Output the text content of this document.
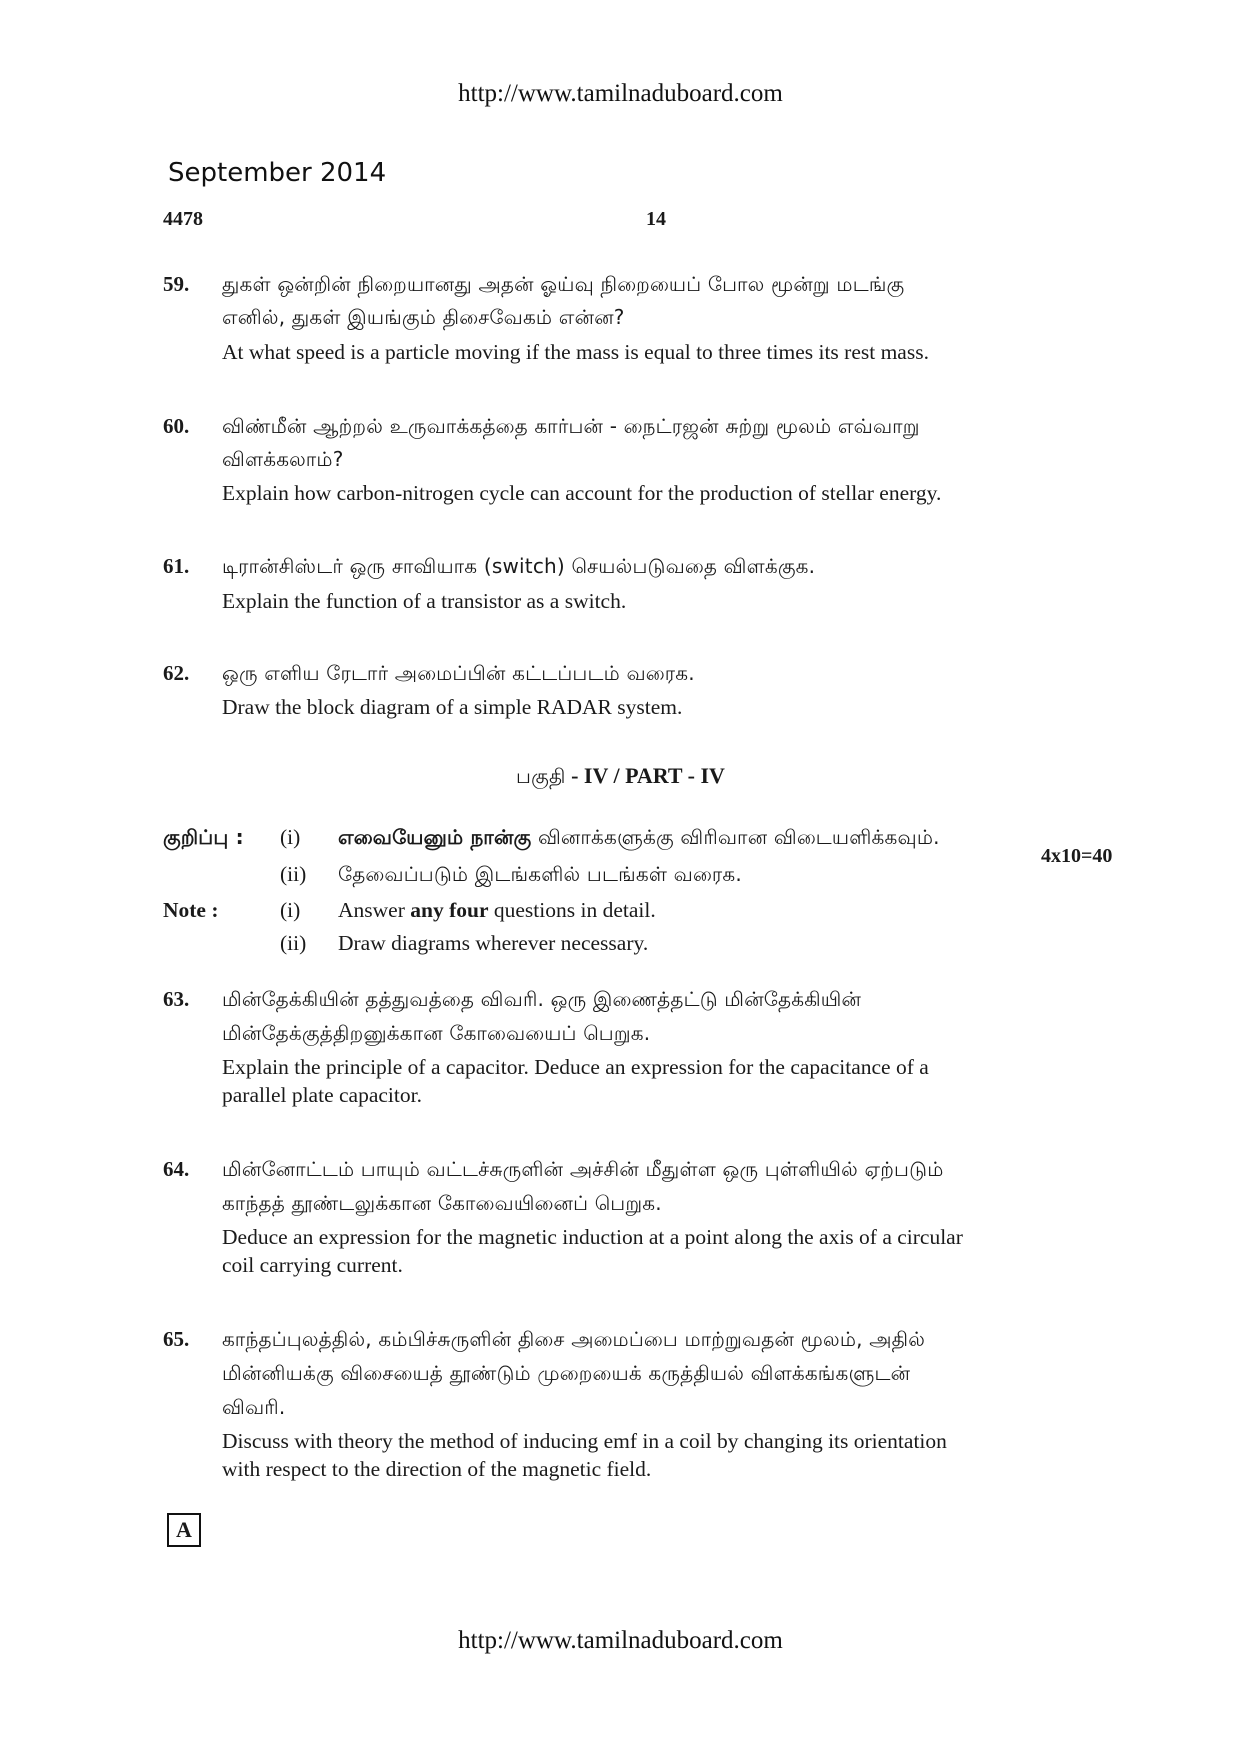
http://www.tamilnaduboard.com
September 2014
4478	14
59. துகள் ஒன்றின் நிறையானது அதன் ஓய்வு நிறையைப் போல மூன்று மடங்கு
எனில், துகள் இயங்கும் திசைவேகம் என்ன?
At what speed is a particle moving if the mass is equal to three times its rest mass.
60. விண்மீன் ஆற்றல் உருவாக்கத்தை கார்பன் - நைட்ரஜன் சுற்று மூலம் எவ்வாறு
விளக்கலாம்?
Explain how carbon-nitrogen cycle can account for the production of stellar energy.
61. டிரான்சிஸ்டர் ஒரு சாவியாக (switch) செயல்படுவதை விளக்குக.
Explain the function of a transistor as a switch.
62. ஒரு எளிய ரேடார் அமைப்பின் கட்டப்படம் வரைக.
Draw the block diagram of a simple RADAR system.
பகுதி - IV / PART - IV
குறிப்பு : (i) எவையேனும் நான்கு வினாக்களுக்கு விரிவான விடையளிக்கவும்.
4x10=40
(ii) தேவைப்படும் இடங்களில் படங்கள் வரைக.
Note :	(i) Answer any four questions in detail.
(ii) Draw diagrams wherever necessary.
63. மின்தேக்கியின் தத்துவத்தை விவரி. ஒரு இணைத்தட்டு மின்தேக்கியின்
மின்தேக்குத்திறனுக்கான கோவையைப் பெறுக.
Explain the principle of a capacitor. Deduce an expression for the capacitance of a
parallel plate capacitor.
64. மின்னோட்டம் பாயும் வட்டச்சுருளின் அச்சின் மீதுள்ள ஒரு புள்ளியில் ஏற்படும்
காந்தத் தூண்டலுக்கான கோவையினைப் பெறுக.
Deduce an expression for the magnetic induction at a point along the axis of a circular
coil carrying current.
65. காந்தப்புலத்தில், கம்பிச்சுருளின் திசை அமைப்பை மாற்றுவதன் மூலம், அதில்
மின்னியக்கு விசையைத் தூண்டும் முறையைக் கருத்தியல் விளக்கங்களுடன்
விவரி.
Discuss with theory the method of inducing emf in a coil by changing its orientation
with respect to the direction of the magnetic field.
A
http://www.tamilnaduboard.com
